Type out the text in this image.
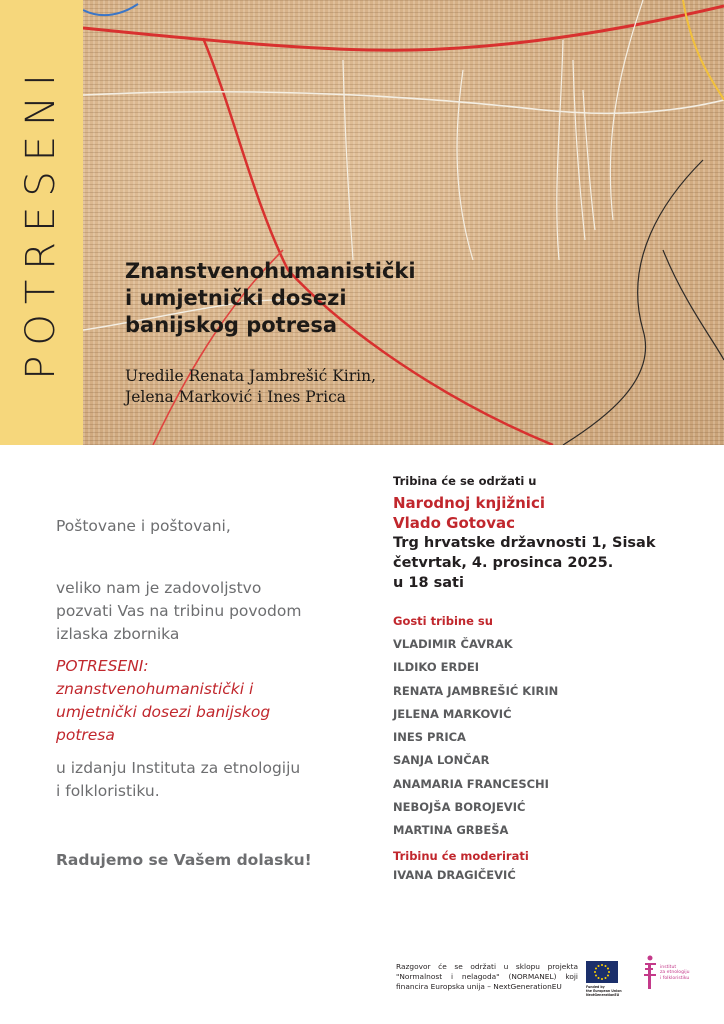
POTRESENI	Znanstvenohumanistički
i umjetnički dosezi
banijskog potresa
Uredile Renata Jambrešić Kirin,
Jelena Marković i Ines Prica
Poštovane i poštovani,
veliko nam je zadovoljstvo
pozvati Vas na tribinu povodom
izlaska zbornika
POTRESENI:
znanstvenohumanistički i
umjetnički dosezi banijskog
potresa
u izdanju Instituta za etnologiju
i folkloristiku.
Radujemo se Vašem dolasku!

Tribina će se održati u

Narodnoj knjižnici
Vlado Gotovac
Trg hrvatske državnosti 1, Sisak
četvrtak, 4. prosinca 2025.
u 18 sati
Gosti tribine su
VLADIMIR ČAVRAK
ILDIKO ERDEI
RENATA JAMBREŠIĆ KIRIN
JELENA MARKOVIĆ
INES PRICA
SANJA LONČAR
ANAMARIA FRANCESCHI
NEBOJŠA BOROJEVIĆ
MARTINA GRBEŠA
Tribinu će moderirati
IVANA DRAGIČEVIĆ
Razgovor će se održati u sklopu projekta "Normalnost i nelagoda" (NORMANEL) koji financira Europska unija – NextGenerationEU	Funded by
the European Union
NextGenerationEU
institut
za etnologiju
i folkloristiku
